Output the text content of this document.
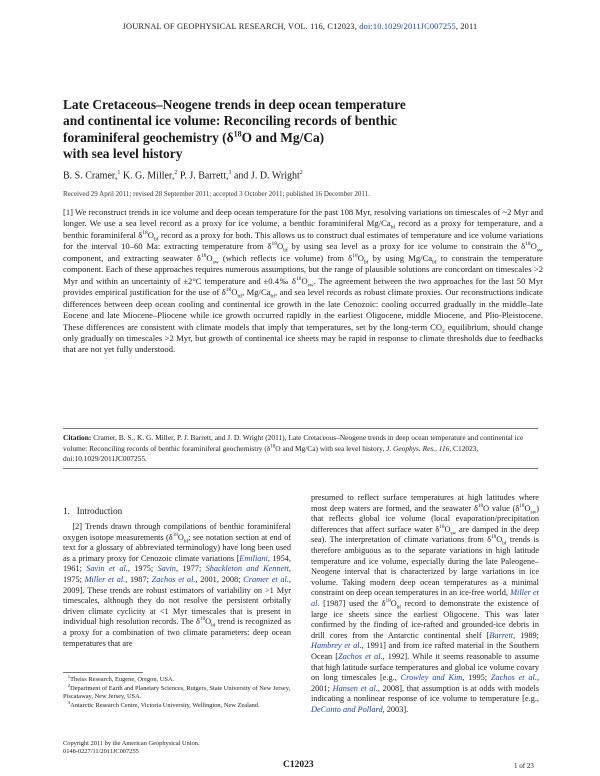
JOURNAL OF GEOPHYSICAL RESEARCH, VOL. 116, C12023, doi:10.1029/2011JC007255, 2011
Late Cretaceous–Neogene trends in deep ocean temperature
and continental ice volume: Reconciling records of benthic
foraminiferal geochemistry ($\delta^{18}O$ and Mg/Ca)
with sea level history
B. S. Cramer,$^1$ K. G. Miller,$^2$ P. J. Barrett,$^3$ and J. D. Wright$^2$
Received 29 April 2011; revised 28 September 2011; accepted 3 October 2011; published 16 December 2011.

[1] We reconstruct trends in ice volume and deep ocean temperature for the past 108 Myr, resolving variations on timescales of ~2 Myr and longer. We use a sea level record as a proxy for ice volume, a benthic foraminiferal $Mg/Ca_{bf}$ record as a proxy for temperature, and a benthic foraminiferal $\delta^{18}O_{bf}$ record as a proxy for both. This allows us to construct dual estimates of temperature and ice volume variations for the interval 10–60 Ma: extracting temperature from $\delta^{18}O_{bf}$ by using sea level as a proxy for ice volume to constrain the $\delta^{18}O_{sw}$ component, and extracting seawater $\delta^{18}O_{sw}$ (which reflects ice volume) from $\delta^{18}O_{bf}$ by using $Mg/Ca_{bf}$ to constrain the temperature component. Each of these approaches requires numerous assumptions, but the range of plausible solutions are concordant on timescales >2 Myr and within an uncertainty of ±2°C temperature and ±0.4‰ $\delta^{18}O_{sw}$. The agreement between the two approaches for the last 50 Myr provides empirical justification for the use of $\delta^{18}O_{bf}$, $Mg/Ca_{bf}$, and sea level records as robust climate proxies. Our reconstructions indicate differences between deep ocean cooling and continental ice growth in the late Cenozoic: cooling occurred gradually in the middle–late Eocene and late Miocene–Pliocene while ice growth occurred rapidly in the earliest Oligocene, middle Miocene, and Plio-Pleistocene. These differences are consistent with climate models that imply that temperatures, set by the long-term $CO_2$ equilibrium, should change only gradually on timescales >2 Myr, but growth of continental ice sheets may be rapid in response to climate thresholds due to feedbacks that are not yet fully understood.

Citation: Cramer, B. S., K. G. Miller, P. J. Barrett, and J. D. Wright (2011), Late Cretaceous–Neogene trends in deep ocean temperature and continental ice volume: Reconciling records of benthic foraminiferal geochemistry ($\delta^{18}O$ and Mg/Ca) with sea level history, J. Geophys. Res., 116, C12023, doi:10.1029/2011JC007255.

1. Introduction

[2] Trends drawn through compilations of benthic foraminiferal oxygen isotope measurements ($\delta^{18}O_{bf}$; see notation section at end of text for a glossary of abbreviated terminology) have long been used as a primary proxy for Cenozoic climate variations [Emiliani, 1954, 1961; Savin et al., 1975; Savin, 1977; Shackleton and Kennett, 1975; Miller et al., 1987; Zachos et al., 2001, 2008; Cramer et al., 2009]. These trends are robust estimators of variability on >1 Myr timescales, although they do not resolve the persistent orbitally driven climate cyclicity at <1 Myr timescales that is present in individual high resolution records. The $\delta^{18}O_{bf}$ trend is recognized as a proxy for a combination of two climate parameters: deep ocean temperatures that are

presumed to reflect surface temperatures at high latitudes where most deep waters are formed, and the seawater $\delta^{18}O$ value $(\delta^{18}O_{sw})$ that reflects global ice volume (local evaporation/precipitation differences that affect surface water $\delta^{18}O_{sw}$ are damped in the deep sea). The interpretation of climate variations from $\delta^{18}O_{bf}$ trends is therefore ambiguous as to the separate variations in high latitude temperature and ice volume, especially during the late Paleogene–Neogene interval that is characterized by large variations in ice volume. Taking modern deep ocean temperatures as a minimal constraint on deep ocean temperatures in an ice-free world, Miller et al. [1987] used the $\delta^{18}O_{bf}$ record to demonstrate the existence of large ice sheets since the earliest Oligocene. This was later confirmed by the finding of ice-rafted and grounded-ice debris in drill cores from the Antarctic continental shelf [Barrett, 1989; Hambrey et al., 1991] and from ice rafted material in the Southern Ocean [Zachos et al., 1992]. While it seems reasonable to assume that high latitude surface temperatures and global ice volume covary on long timescales [e.g., Crowley and Kim, 1995; Zachos et al., 2001; Hansen et al., 2008], that assumption is at odds with models indicating a nonlinear response of ice volume to temperature [e.g., DeConto and Pollard, 2003].

$^1$Theiss Research, Eugene, Oregon, USA.
$^2$Department of Earth and Planetary Sciences, Rutgers, State University of New Jersey, Piscataway, New Jersey, USA.
$^3$Antarctic Research Centre, Victoria University, Wellington, New Zealand.

Copyright 2011 by the American Geophysical Union.
0148-0227/11/2011JC007255

C12023	1 of 23
